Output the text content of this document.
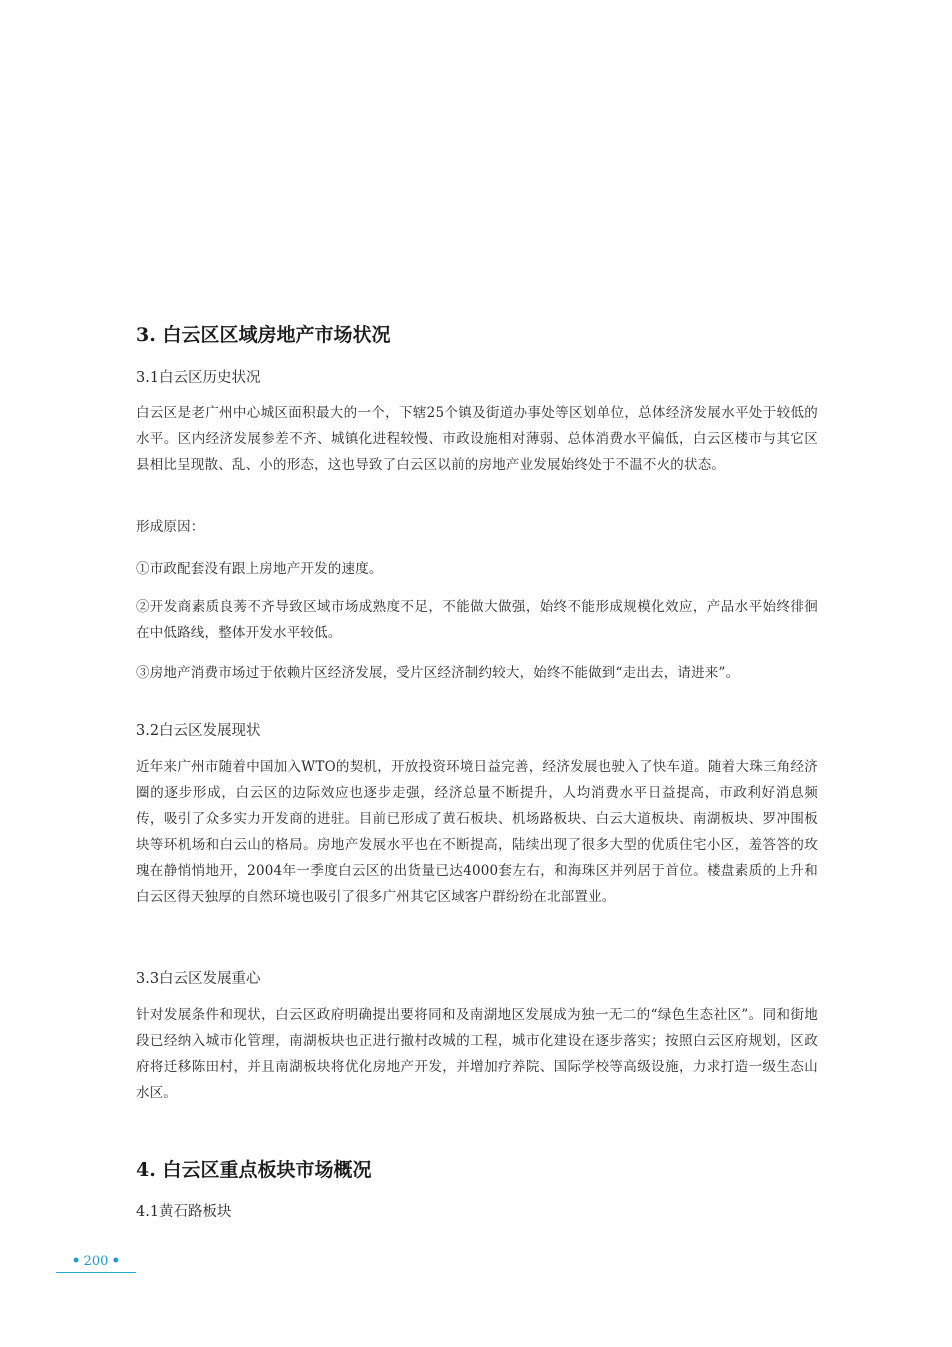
3. 白云区区域房地产市场状况

3.1白云区历史状况

白云区是老广州中心城区面积最大的一个，下辖25个镇及街道办事处等区划单位，总体经济发展水平处于较低的水平。区内经济发展参差不齐、城镇化进程较慢、市政设施相对薄弱、总体消费水平偏低，白云区楼市与其它区县相比呈现散、乱、小的形态，这也导致了白云区以前的房地产业发展始终处于不温不火的状态。

形成原因：

①市政配套没有跟上房地产开发的速度。

②开发商素质良莠不齐导致区域市场成熟度不足，不能做大做强，始终不能形成规模化效应，产品水平始终徘徊在中低路线，整体开发水平较低。

③房地产消费市场过于依赖片区经济发展，受片区经济制约较大，始终不能做到“走出去，请进来”。

3.2白云区发展现状

近年来广州市随着中国加入WTO的契机，开放投资环境日益完善，经济发展也驶入了快车道。随着大珠三角经济圈的逐步形成，白云区的边际效应也逐步走强，经济总量不断提升，人均消费水平日益提高，市政利好消息频传，吸引了众多实力开发商的进驻。目前已形成了黄石板块、机场路板块、白云大道板块、南湖板块、罗冲围板块等环机场和白云山的格局。房地产发展水平也在不断提高，陆续出现了很多大型的优质住宅小区，羞答答的玫瑰在静悄悄地开，2004年一季度白云区的出货量已达4000套左右，和海珠区并列居于首位。楼盘素质的上升和白云区得天独厚的自然环境也吸引了很多广州其它区域客户群纷纷在北部置业。

3.3白云区发展重心

针对发展条件和现状，白云区政府明确提出要将同和及南湖地区发展成为独一无二的“绿色生态社区”。同和街地段已经纳入城市化管理，南湖板块也正进行撤村改城的工程，城市化建设在逐步落实；按照白云区府规划，区政府将迁移陈田村，并且南湖板块将优化房地产开发，并增加疗养院、国际学校等高级设施，力求打造一级生态山水区。

4. 白云区重点板块市场概况

4.1黄石路板块

• 200 •
